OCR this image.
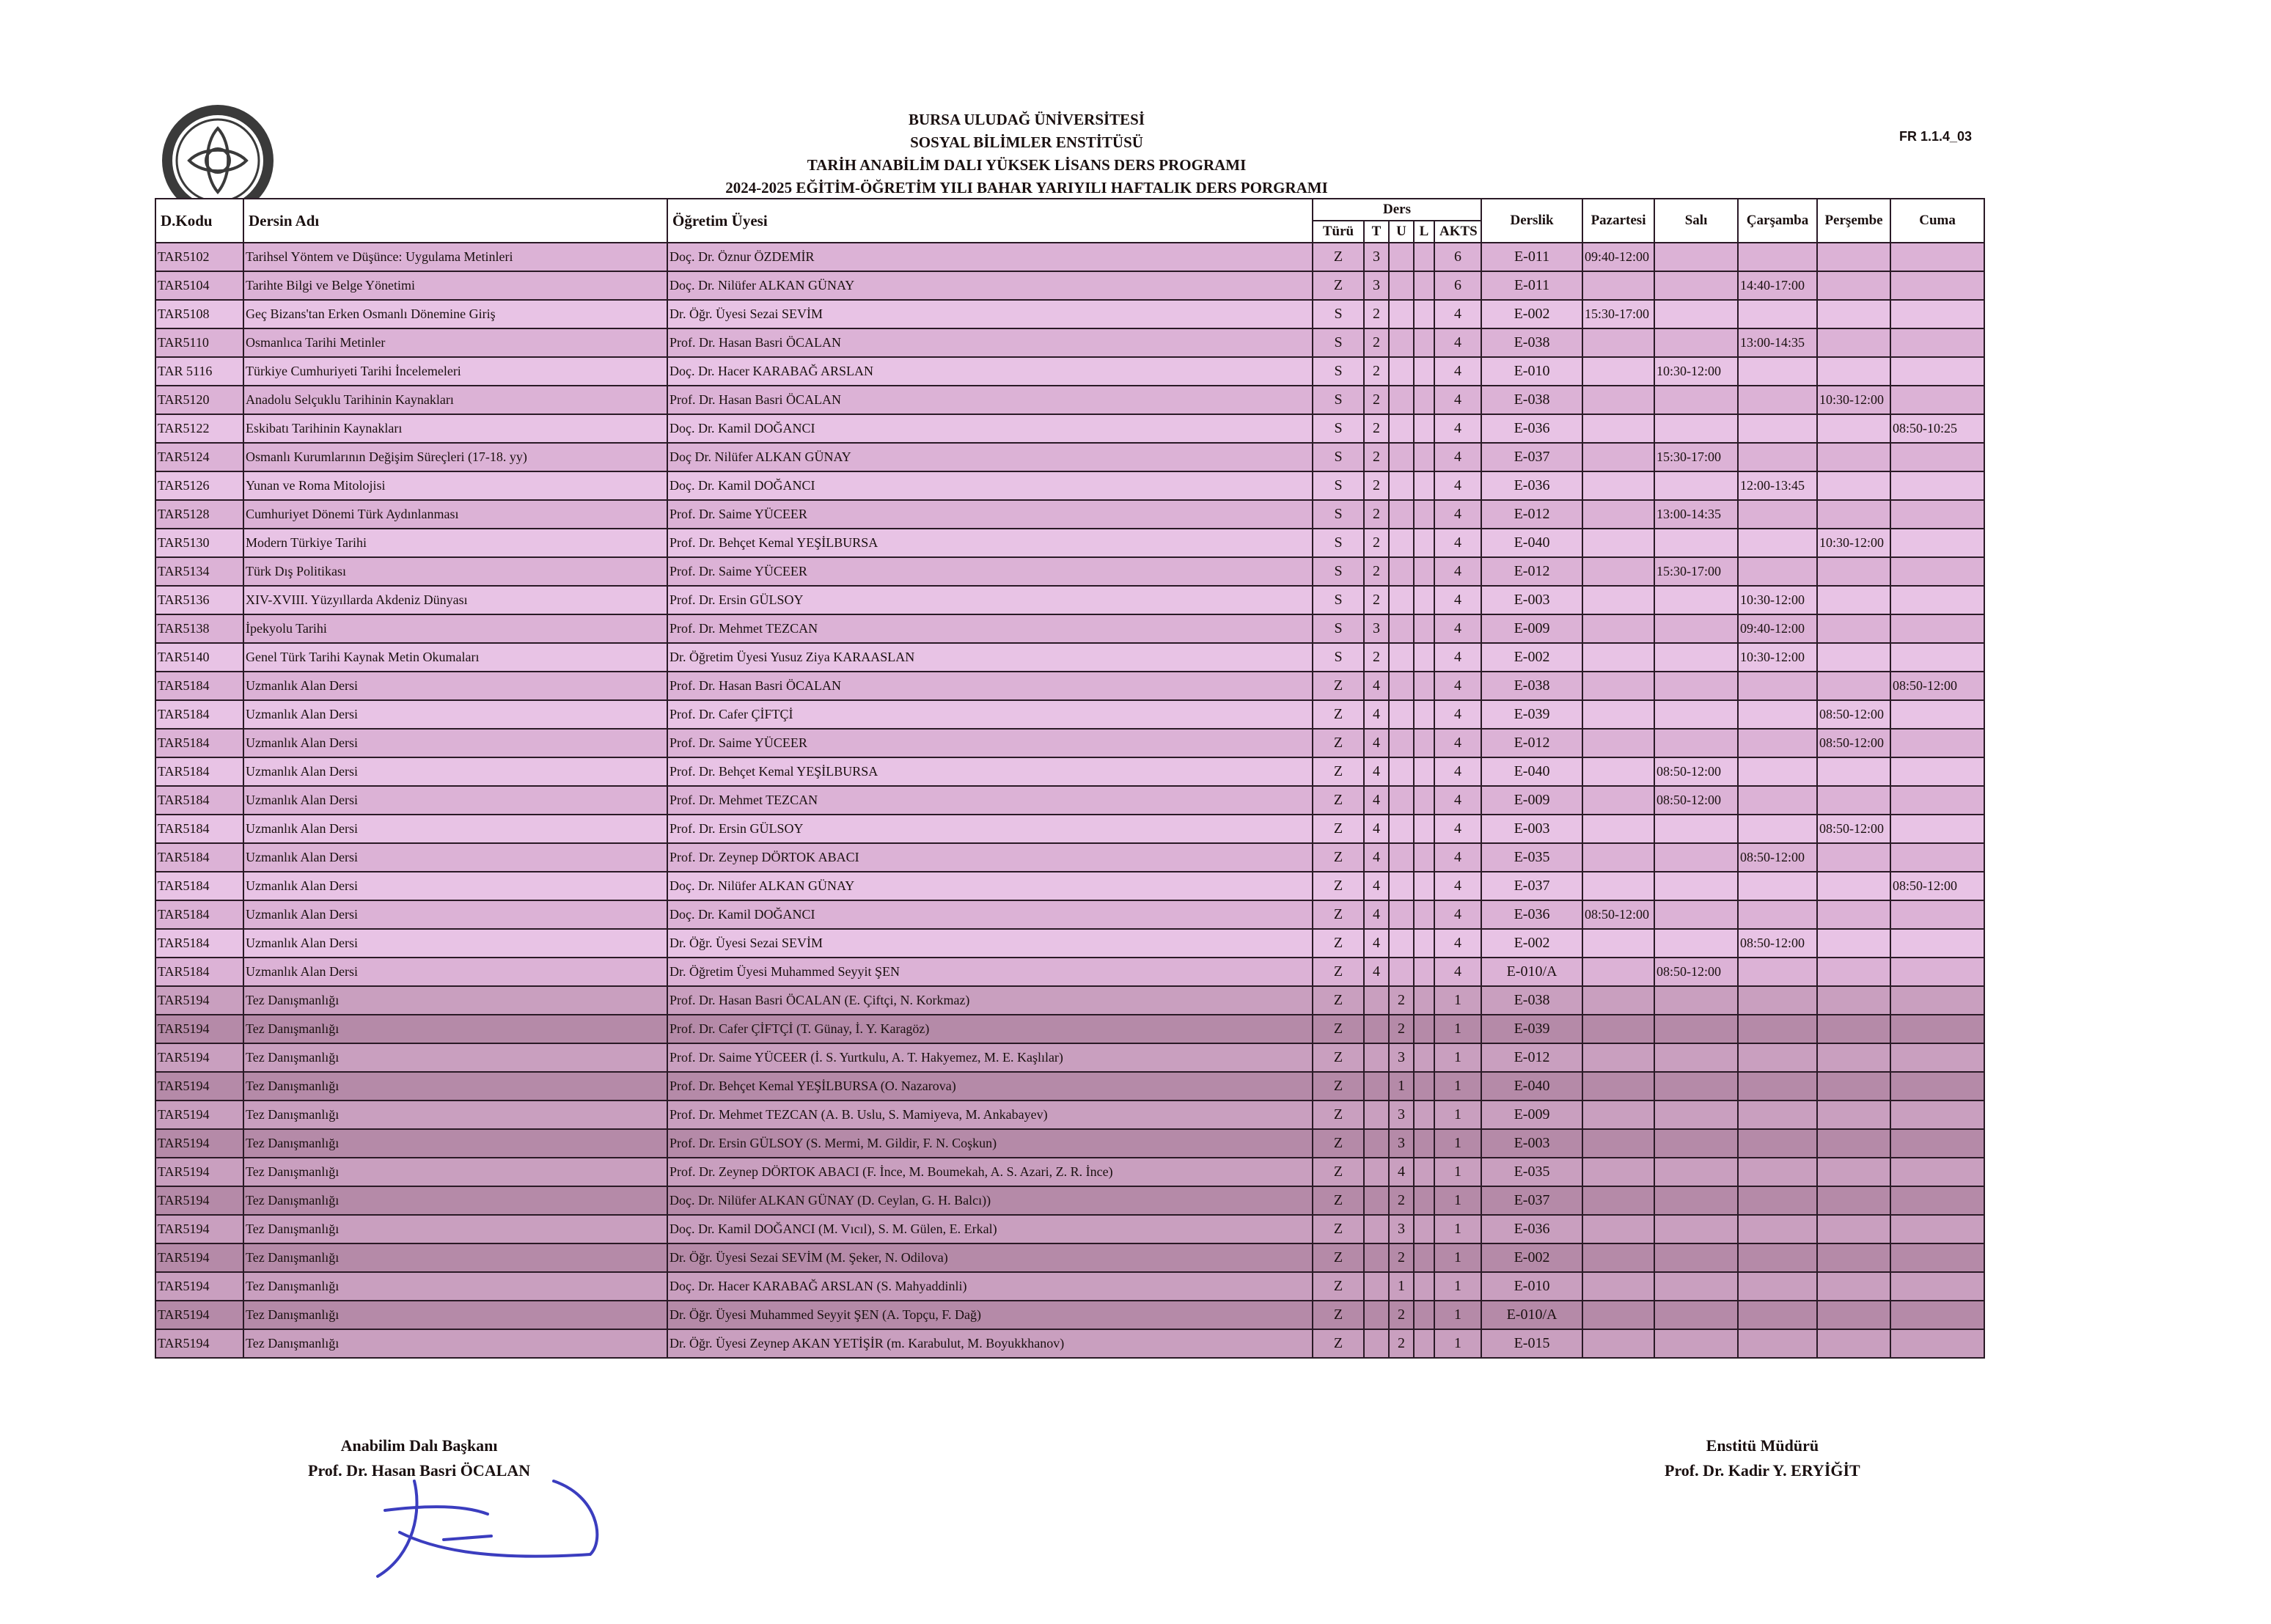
BURSA ULUDAĞ ÜNİVERSİTESİ
SOSYAL BİLİMLER ENSTİTÜSÜ
TARİH ANABİLİM DALI YÜKSEK LİSANS DERS PROGRAMI
2024-2025 EĞİTİM-ÖĞRETİM YILI BAHAR YARIYILI HAFTALIK DERS PORGRAMI
FR 1.1.4_03
D.Kodu	Dersin Adı	Öğretim Üyesi	Ders					Derslik	Pazartesi	Salı	Çarşamba	Perşembe	Cuma
			Türü	T	U	L	AKTS						
TAR5102	Tarihsel Yöntem ve Düşünce: Uygulama Metinleri	Doç. Dr. Öznur ÖZDEMİR	Z	3			6	E-011	09:40-12:00				
TAR5104	Tarihte Bilgi ve Belge Yönetimi	Doç. Dr. Nilüfer ALKAN GÜNAY	Z	3			6	E-011			14:40-17:00		
TAR5108	Geç Bizans'tan Erken Osmanlı Dönemine Giriş	Dr. Öğr. Üyesi Sezai SEVİM	S	2			4	E-002	15:30-17:00				
TAR5110	Osmanlıca Tarihi Metinler	Prof. Dr. Hasan Basri ÖCALAN	S	2			4	E-038			13:00-14:35		
TAR 5116	Türkiye Cumhuriyeti Tarihi İncelemeleri	Doç. Dr. Hacer KARABAĞ ARSLAN	S	2			4	E-010		10:30-12:00			
TAR5120	Anadolu Selçuklu Tarihinin Kaynakları	Prof. Dr. Hasan Basri ÖCALAN	S	2			4	E-038				10:30-12:00	
TAR5122	Eskibatı Tarihinin Kaynakları	Doç. Dr. Kamil DOĞANCI	S	2			4	E-036					08:50-10:25
TAR5124	Osmanlı Kurumlarının Değişim Süreçleri (17-18. yy)	Doç Dr. Nilüfer ALKAN GÜNAY	S	2			4	E-037		15:30-17:00			
TAR5126	Yunan ve Roma Mitolojisi	Doç. Dr. Kamil DOĞANCI	S	2			4	E-036			12:00-13:45		
TAR5128	Cumhuriyet Dönemi Türk Aydınlanması	Prof. Dr. Saime YÜCEER	S	2			4	E-012		13:00-14:35			
TAR5130	Modern Türkiye Tarihi	Prof. Dr. Behçet Kemal YEŞİLBURSA	S	2			4	E-040				10:30-12:00	
TAR5134	Türk Dış Politikası	Prof. Dr. Saime YÜCEER	S	2			4	E-012		15:30-17:00			
TAR5136	XIV-XVIII. Yüzyıllarda Akdeniz Dünyası	Prof. Dr. Ersin GÜLSOY	S	2			4	E-003			10:30-12:00		
TAR5138	İpekyolu Tarihi	Prof. Dr. Mehmet TEZCAN	S	3			4	E-009			09:40-12:00		
TAR5140	Genel Türk Tarihi Kaynak Metin Okumaları	Dr. Öğretim Üyesi Yusuz Ziya KARAASLAN	S	2			4	E-002			10:30-12:00		
TAR5184	Uzmanlık Alan Dersi	Prof. Dr. Hasan Basri ÖCALAN	Z	4			4	E-038					08:50-12:00
TAR5184	Uzmanlık Alan Dersi	Prof. Dr. Cafer ÇİFTÇİ	Z	4			4	E-039				08:50-12:00	
TAR5184	Uzmanlık Alan Dersi	Prof. Dr. Saime YÜCEER	Z	4			4	E-012				08:50-12:00	
TAR5184	Uzmanlık Alan Dersi	Prof. Dr. Behçet Kemal YEŞİLBURSA	Z	4			4	E-040		08:50-12:00			
TAR5184	Uzmanlık Alan Dersi	Prof. Dr. Mehmet TEZCAN	Z	4			4	E-009		08:50-12:00			
TAR5184	Uzmanlık Alan Dersi	Prof. Dr. Ersin GÜLSOY	Z	4			4	E-003				08:50-12:00	
TAR5184	Uzmanlık Alan Dersi	Prof. Dr. Zeynep DÖRTOK ABACI	Z	4			4	E-035			08:50-12:00		
TAR5184	Uzmanlık Alan Dersi	Doç. Dr. Nilüfer ALKAN GÜNAY	Z	4			4	E-037					08:50-12:00
TAR5184	Uzmanlık Alan Dersi	Doç. Dr. Kamil DOĞANCI	Z	4			4	E-036	08:50-12:00				
TAR5184	Uzmanlık Alan Dersi	Dr. Öğr. Üyesi Sezai SEVİM	Z	4			4	E-002			08:50-12:00		
TAR5184	Uzmanlık Alan Dersi	Dr. Öğretim Üyesi Muhammed Seyyit ŞEN	Z	4			4	E-010/A		08:50-12:00			
TAR5194	Tez Danışmanlığı	Prof. Dr. Hasan Basri ÖCALAN (E. Çiftçi, N. Korkmaz)	Z		2		1	E-038					
TAR5194	Tez Danışmanlığı	Prof. Dr. Cafer ÇİFTÇİ (T. Günay, İ. Y. Karagöz)	Z		2		1	E-039					
TAR5194	Tez Danışmanlığı	Prof. Dr. Saime YÜCEER (İ. S. Yurtkulu, A. T. Hakyemez, M. E. Kaşlılar)	Z		3		1	E-012					
TAR5194	Tez Danışmanlığı	Prof. Dr. Behçet Kemal YEŞİLBURSA (O. Nazarova)	Z		1		1	E-040					
TAR5194	Tez Danışmanlığı	Prof. Dr. Mehmet TEZCAN (A. B. Uslu, S. Mamiyeva, M. Ankabayev)	Z		3		1	E-009					
TAR5194	Tez Danışmanlığı	Prof. Dr. Ersin GÜLSOY (S. Mermi, M. Gildir, F. N. Coşkun)	Z		3		1	E-003					
TAR5194	Tez Danışmanlığı	Prof. Dr. Zeynep DÖRTOK ABACI (F. İnce, M. Boumekah, A. S. Azari, Z. R. İnce)	Z		4		1	E-035					
TAR5194	Tez Danışmanlığı	Doç. Dr. Nilüfer ALKAN GÜNAY (D. Ceylan, G. H. Balcı))	Z		2		1	E-037					
TAR5194	Tez Danışmanlığı	Doç. Dr. Kamil DOĞANCI (M. Vıcıl), S. M. Gülen, E. Erkal)	Z		3		1	E-036					
TAR5194	Tez Danışmanlığı	Dr. Öğr. Üyesi Sezai SEVİM (M. Şeker, N. Odilova)	Z		2		1	E-002					
TAR5194	Tez Danışmanlığı	Doç. Dr. Hacer KARABAĞ ARSLAN (S. Mahyaddinli)	Z		1		1	E-010					
TAR5194	Tez Danışmanlığı	Dr. Öğr. Üyesi Muhammed Seyyit ŞEN (A. Topçu, F. Dağ)	Z		2		1	E-010/A					
TAR5194	Tez Danışmanlığı	Dr. Öğr. Üyesi Zeynep AKAN YETİŞİR (m. Karabulut, M. Boyukkhanov)	Z		2		1	E-015					
Anabilim Dalı Başkanı
Prof. Dr. Hasan Basri ÖCALAN
Enstitü Müdürü
Prof. Dr. Kadir Y. ERYİĞİT
